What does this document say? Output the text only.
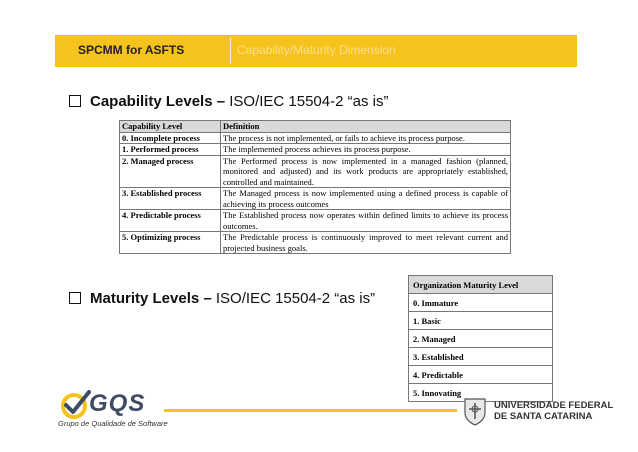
SPCMM for ASFTS	Capability/Maturity Dimension
Capability Levels – ISO/IEC 15504-2 “as is”
Capability Level	Definition
0. Incomplete process	The process is not implemented, or fails to achieve its process purpose.
1. Performed process	The implemented process achieves its process purpose.
2. Managed process	The Performed process is now implemented in a managed fashion (planned, monitored and adjusted) and its work products are appropriately established, controlled and maintained.
3. Established process	The Managed process is now implemented using a defined process is capable of achieving its process outcomes
4. Predictable process	The Established process now operates within defined limits to achieve its process outcomes.
5. Optimizing process	The Predictable process is continuously improved to meet relevant current and projected business goals.
Maturity Levels – ISO/IEC 15504-2 “as is”
Organization Maturity Level
0. Immature
1. Basic
2. Managed
3. Established
4. Predictable
5. Innovating
GQS
Grupo de Qualidade de Software
UNIVERSIDADE FEDERAL
DE SANTA CATARINA
